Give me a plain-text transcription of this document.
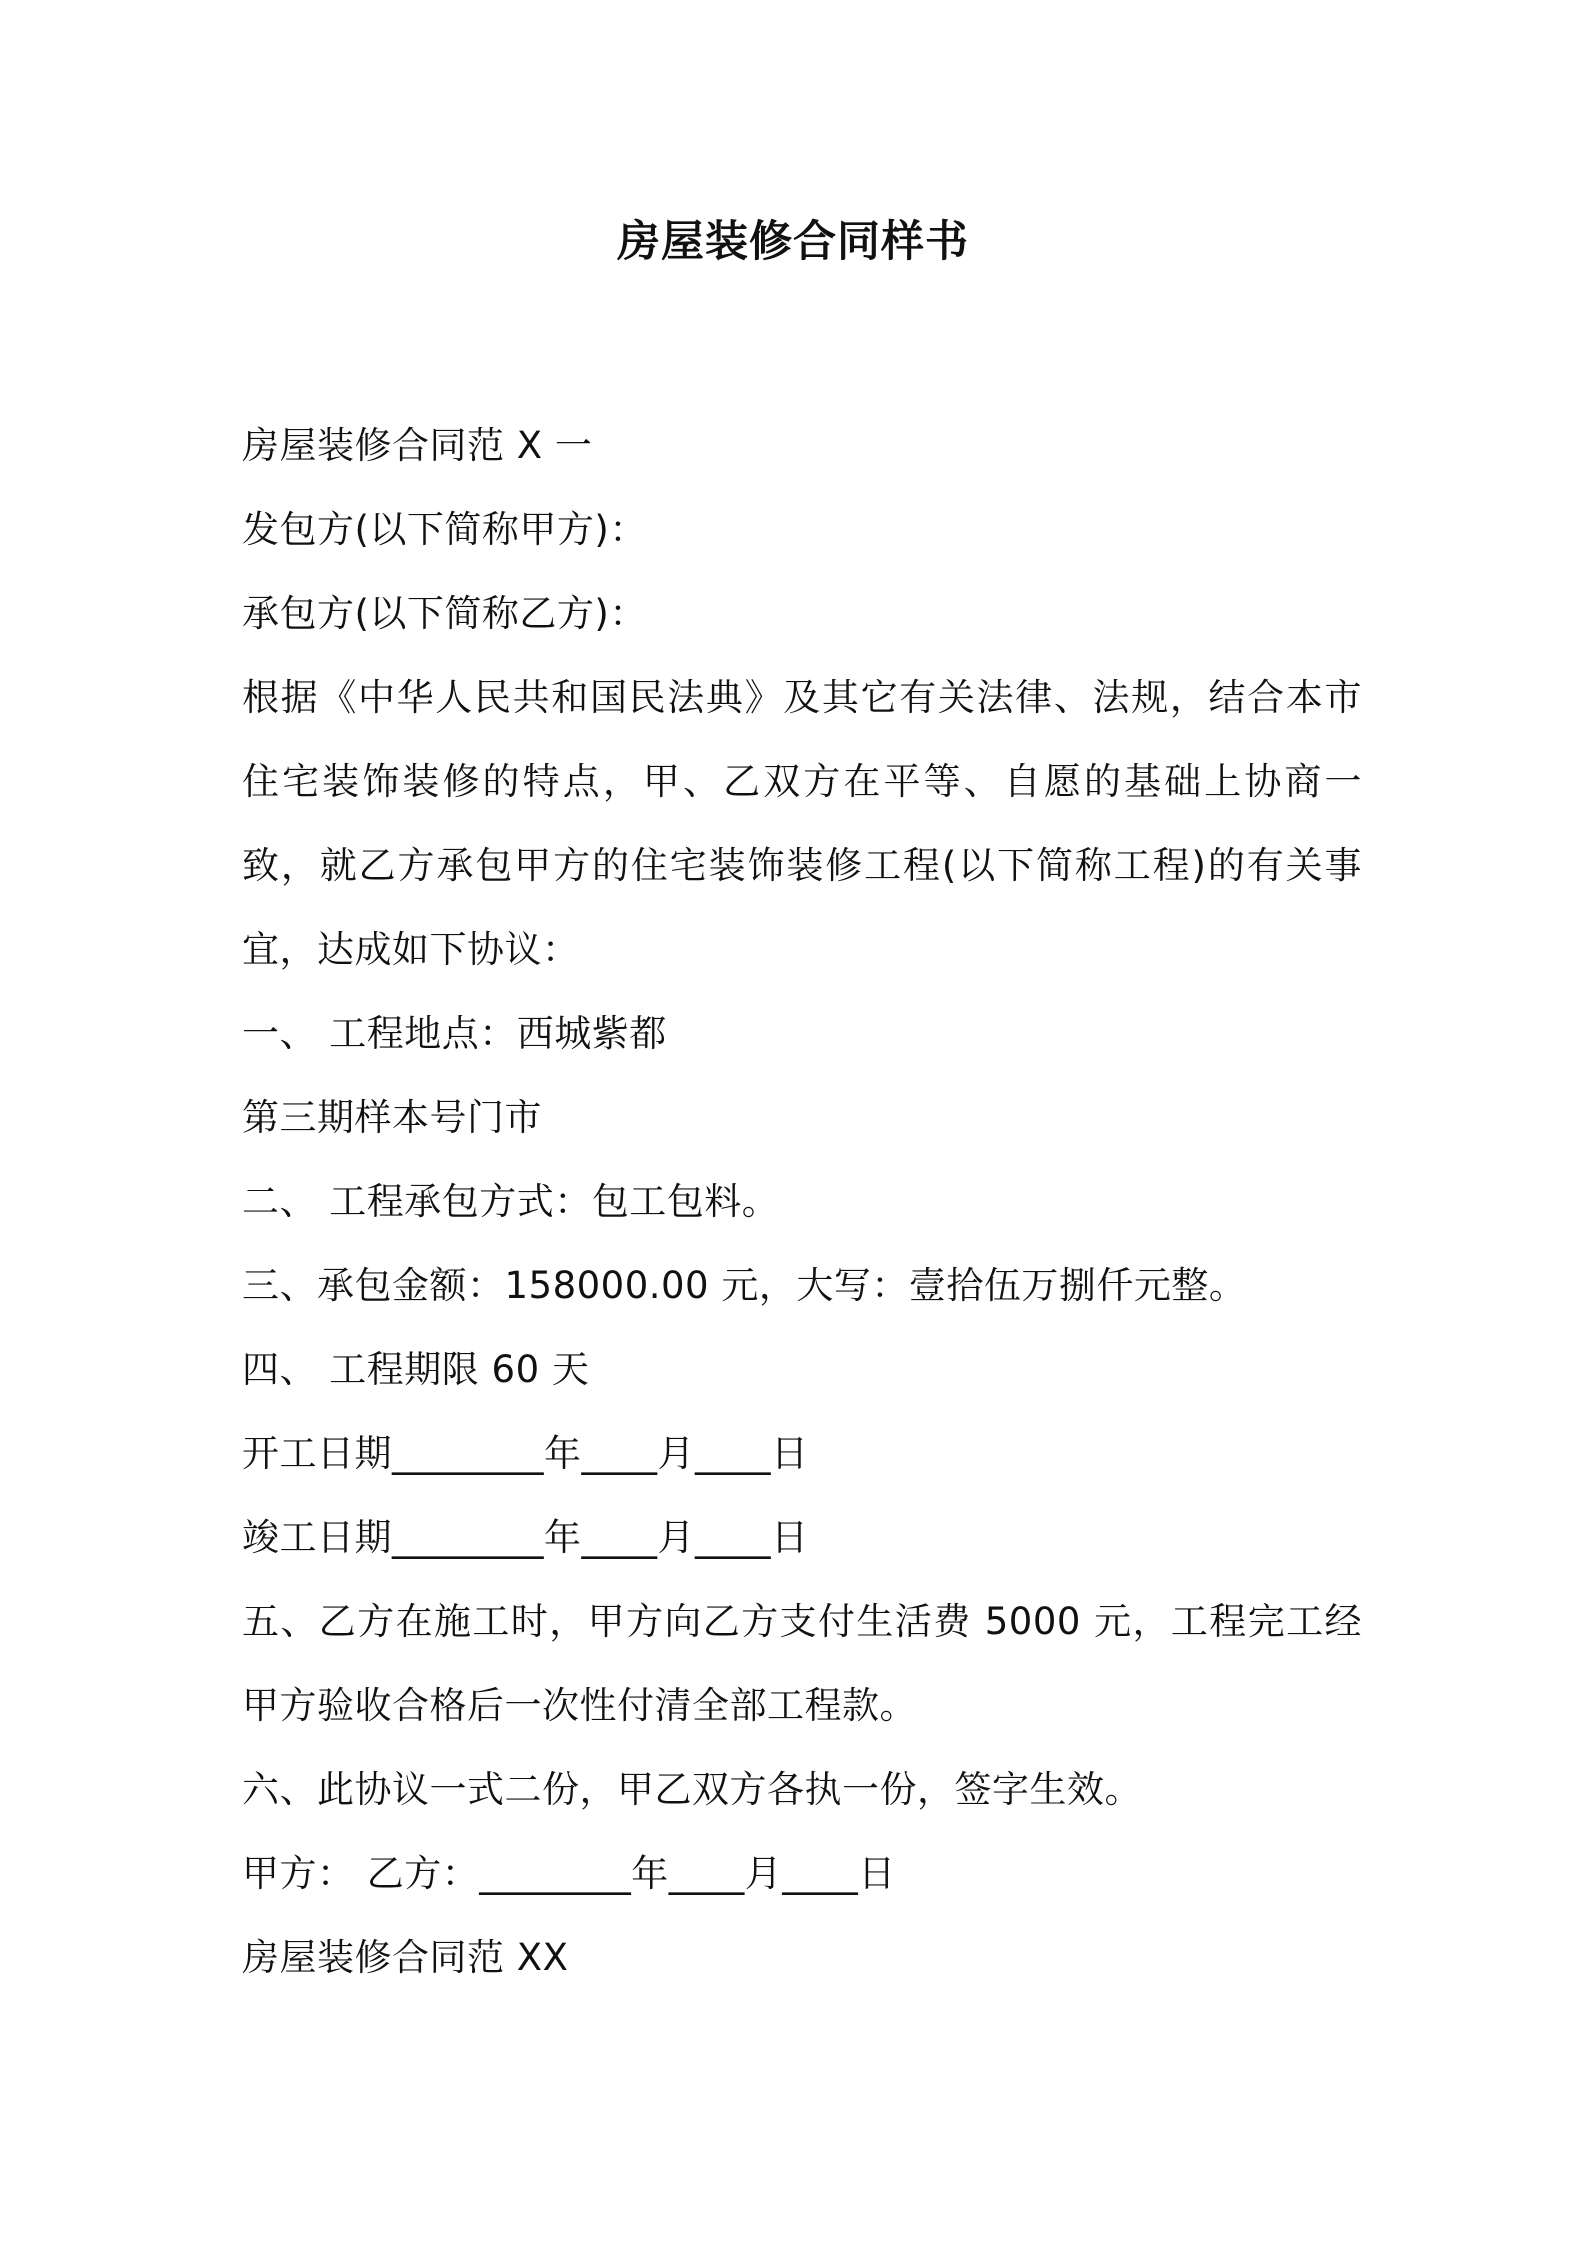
房屋装修合同样书
房屋装修合同范 X 一
发包方(以下简称甲方)：
承包方(以下简称乙方)：
根据《中华人民共和国民法典》及其它有关法律、法规，结合本市住宅装饰装修的特点，甲、乙双方在平等、自愿的基础上协商一致，就乙方承包甲方的住宅装饰装修工程(以下简称工程)的有关事宜，达成如下协议：
一、 工程地点：西城紫都
第三期样本号门市
二、 工程承包方式：包工包料。
三、承包金额：158000.00 元，大写：壹拾伍万捌仟元整。
四、 工程期限 60 天
开工日期________年____月____日
竣工日期________年____月____日
五、乙方在施工时，甲方向乙方支付生活费 5000 元，工程完工经甲方验收合格后一次性付清全部工程款。
六、此协议一式二份，甲乙双方各执一份，签字生效。
甲方： 乙方：________年____月____日
房屋装修合同范 XX
